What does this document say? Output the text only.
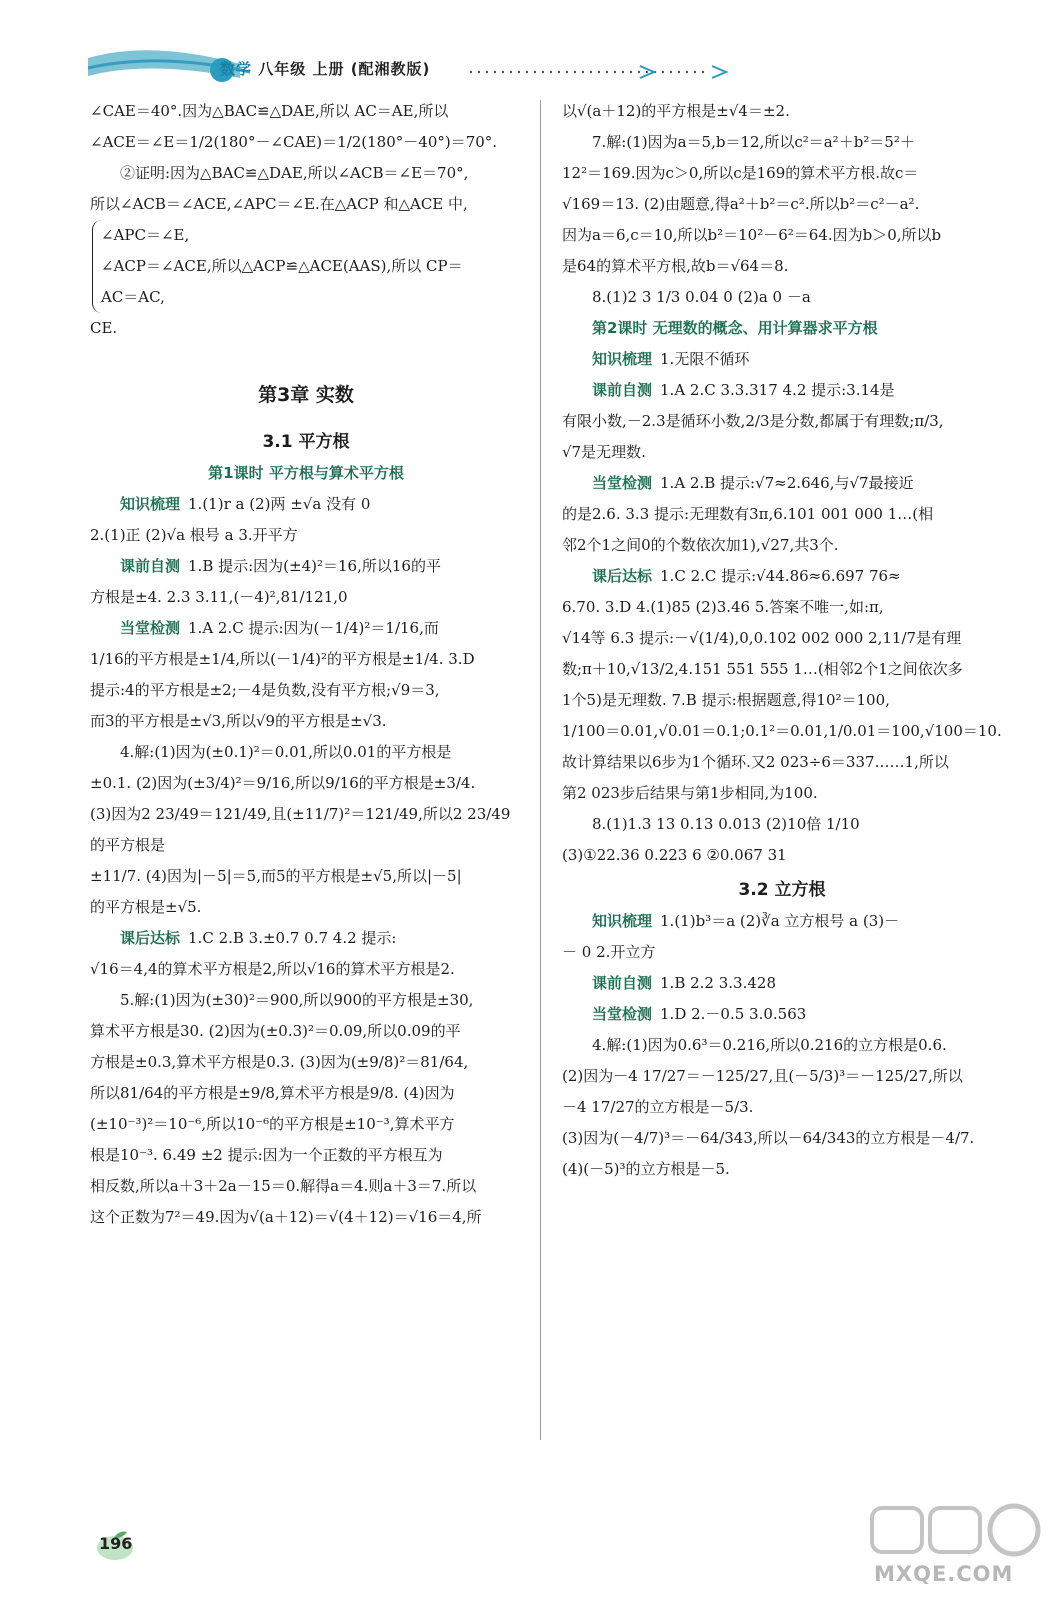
数学 八年级 上册 (配湘教版)

∠CAE＝40°.因为△BAC≌△DAE,所以 AC＝AE,所以

∠ACE＝∠E＝1/2(180°－∠CAE)＝1/2(180°－40°)＝70°.

②证明:因为△BAC≌△DAE,所以∠ACB＝∠E＝70°,

所以∠ACB＝∠ACE,∠APC＝∠E.在△ACP 和△ACE 中,

∠APC＝∠E,

∠ACP＝∠ACE,所以△ACP≌△ACE(AAS),所以 CP＝

AC＝AC,

CE.

第3章 实数

3.1 平方根

第1课时 平方根与算术平方根

知识梳理 1.(1)r a (2)两 ±√a 没有 0

2.(1)正 (2)√a 根号 a 3.开平方

课前自测 1.B 提示:因为(±4)²＝16,所以16的平

方根是±4. 2.3 3.11,(－4)²,81/121,0

当堂检测 1.A 2.C 提示:因为(－1/4)²＝1/16,而

1/16的平方根是±1/4,所以(－1/4)²的平方根是±1/4. 3.D

提示:4的平方根是±2;－4是负数,没有平方根;√9＝3,

而3的平方根是±√3,所以√9的平方根是±√3.

4.解:(1)因为(±0.1)²＝0.01,所以0.01的平方根是

±0.1. (2)因为(±3/4)²＝9/16,所以9/16的平方根是±3/4.

(3)因为2 23/49＝121/49,且(±11/7)²＝121/49,所以2 23/49的平方根是

±11/7. (4)因为|－5|＝5,而5的平方根是±√5,所以|－5|

的平方根是±√5.

课后达标 1.C 2.B 3.±0.7 0.7 4.2 提示:

√16＝4,4的算术平方根是2,所以√16的算术平方根是2.

5.解:(1)因为(±30)²＝900,所以900的平方根是±30,

算术平方根是30. (2)因为(±0.3)²＝0.09,所以0.09的平

方根是±0.3,算术平方根是0.3. (3)因为(±9/8)²＝81/64,

所以81/64的平方根是±9/8,算术平方根是9/8. (4)因为

(±10⁻³)²＝10⁻⁶,所以10⁻⁶的平方根是±10⁻³,算术平方

根是10⁻³. 6.49 ±2 提示:因为一个正数的平方根互为

相反数,所以a＋3＋2a－15＝0.解得a＝4.则a＋3＝7.所以

这个正数为7²＝49.因为√(a＋12)＝√(4＋12)＝√16＝4,所

以√(a＋12)的平方根是±√4＝±2.

7.解:(1)因为a＝5,b＝12,所以c²＝a²＋b²＝5²＋

12²＝169.因为c＞0,所以c是169的算术平方根.故c＝

√169＝13. (2)由题意,得a²＋b²＝c².所以b²＝c²－a².

因为a＝6,c＝10,所以b²＝10²－6²＝64.因为b＞0,所以b

是64的算术平方根,故b＝√64＝8.

8.(1)2 3 1/3 0.04 0 (2)a 0 －a

第2课时 无理数的概念、用计算器求平方根

知识梳理 1.无限不循环

课前自测 1.A 2.C 3.3.317 4.2 提示:3.14是

有限小数,－2.3是循环小数,2/3是分数,都属于有理数;π/3,

√7是无理数.

当堂检测 1.A 2.B 提示:√7≈2.646,与√7最接近

的是2.6. 3.3 提示:无理数有3π,6.101 001 000 1…(相

邻2个1之间0的个数依次加1),√27,共3个.

课后达标 1.C 2.C 提示:√44.86≈6.697 76≈

6.70. 3.D 4.(1)85 (2)3.46 5.答案不唯一,如:π,

√14等 6.3 提示:－√(1/4),0,0.102 002 000 2,11/7是有理

数;π＋10,√13/2,4.151 551 555 1…(相邻2个1之间依次多

1个5)是无理数. 7.B 提示:根据题意,得10²＝100,

1/100＝0.01,√0.01＝0.1;0.1²＝0.01,1/0.01＝100,√100＝10.

故计算结果以6步为1个循环.又2 023÷6＝337……1,所以

第2 023步后结果与第1步相同,为100.

8.(1)1.3 13 0.13 0.013 (2)10倍 1/10

(3)①22.36 0.223 6 ②0.067 31

3.2 立方根

知识梳理 1.(1)b³＝a (2)∛a 立方根号 a (3)－

－ 0 2.开立方

课前自测 1.B 2.2 3.3.428

当堂检测 1.D 2.－0.5 3.0.563

4.解:(1)因为0.6³＝0.216,所以0.216的立方根是0.6.

(2)因为－4 17/27＝－125/27,且(－5/3)³＝－125/27,所以

－4 17/27的立方根是－5/3.

(3)因为(－4/7)³＝－64/343,所以－64/343的立方根是－4/7.

(4)(－5)³的立方根是－5.

196
MXQE.COM
